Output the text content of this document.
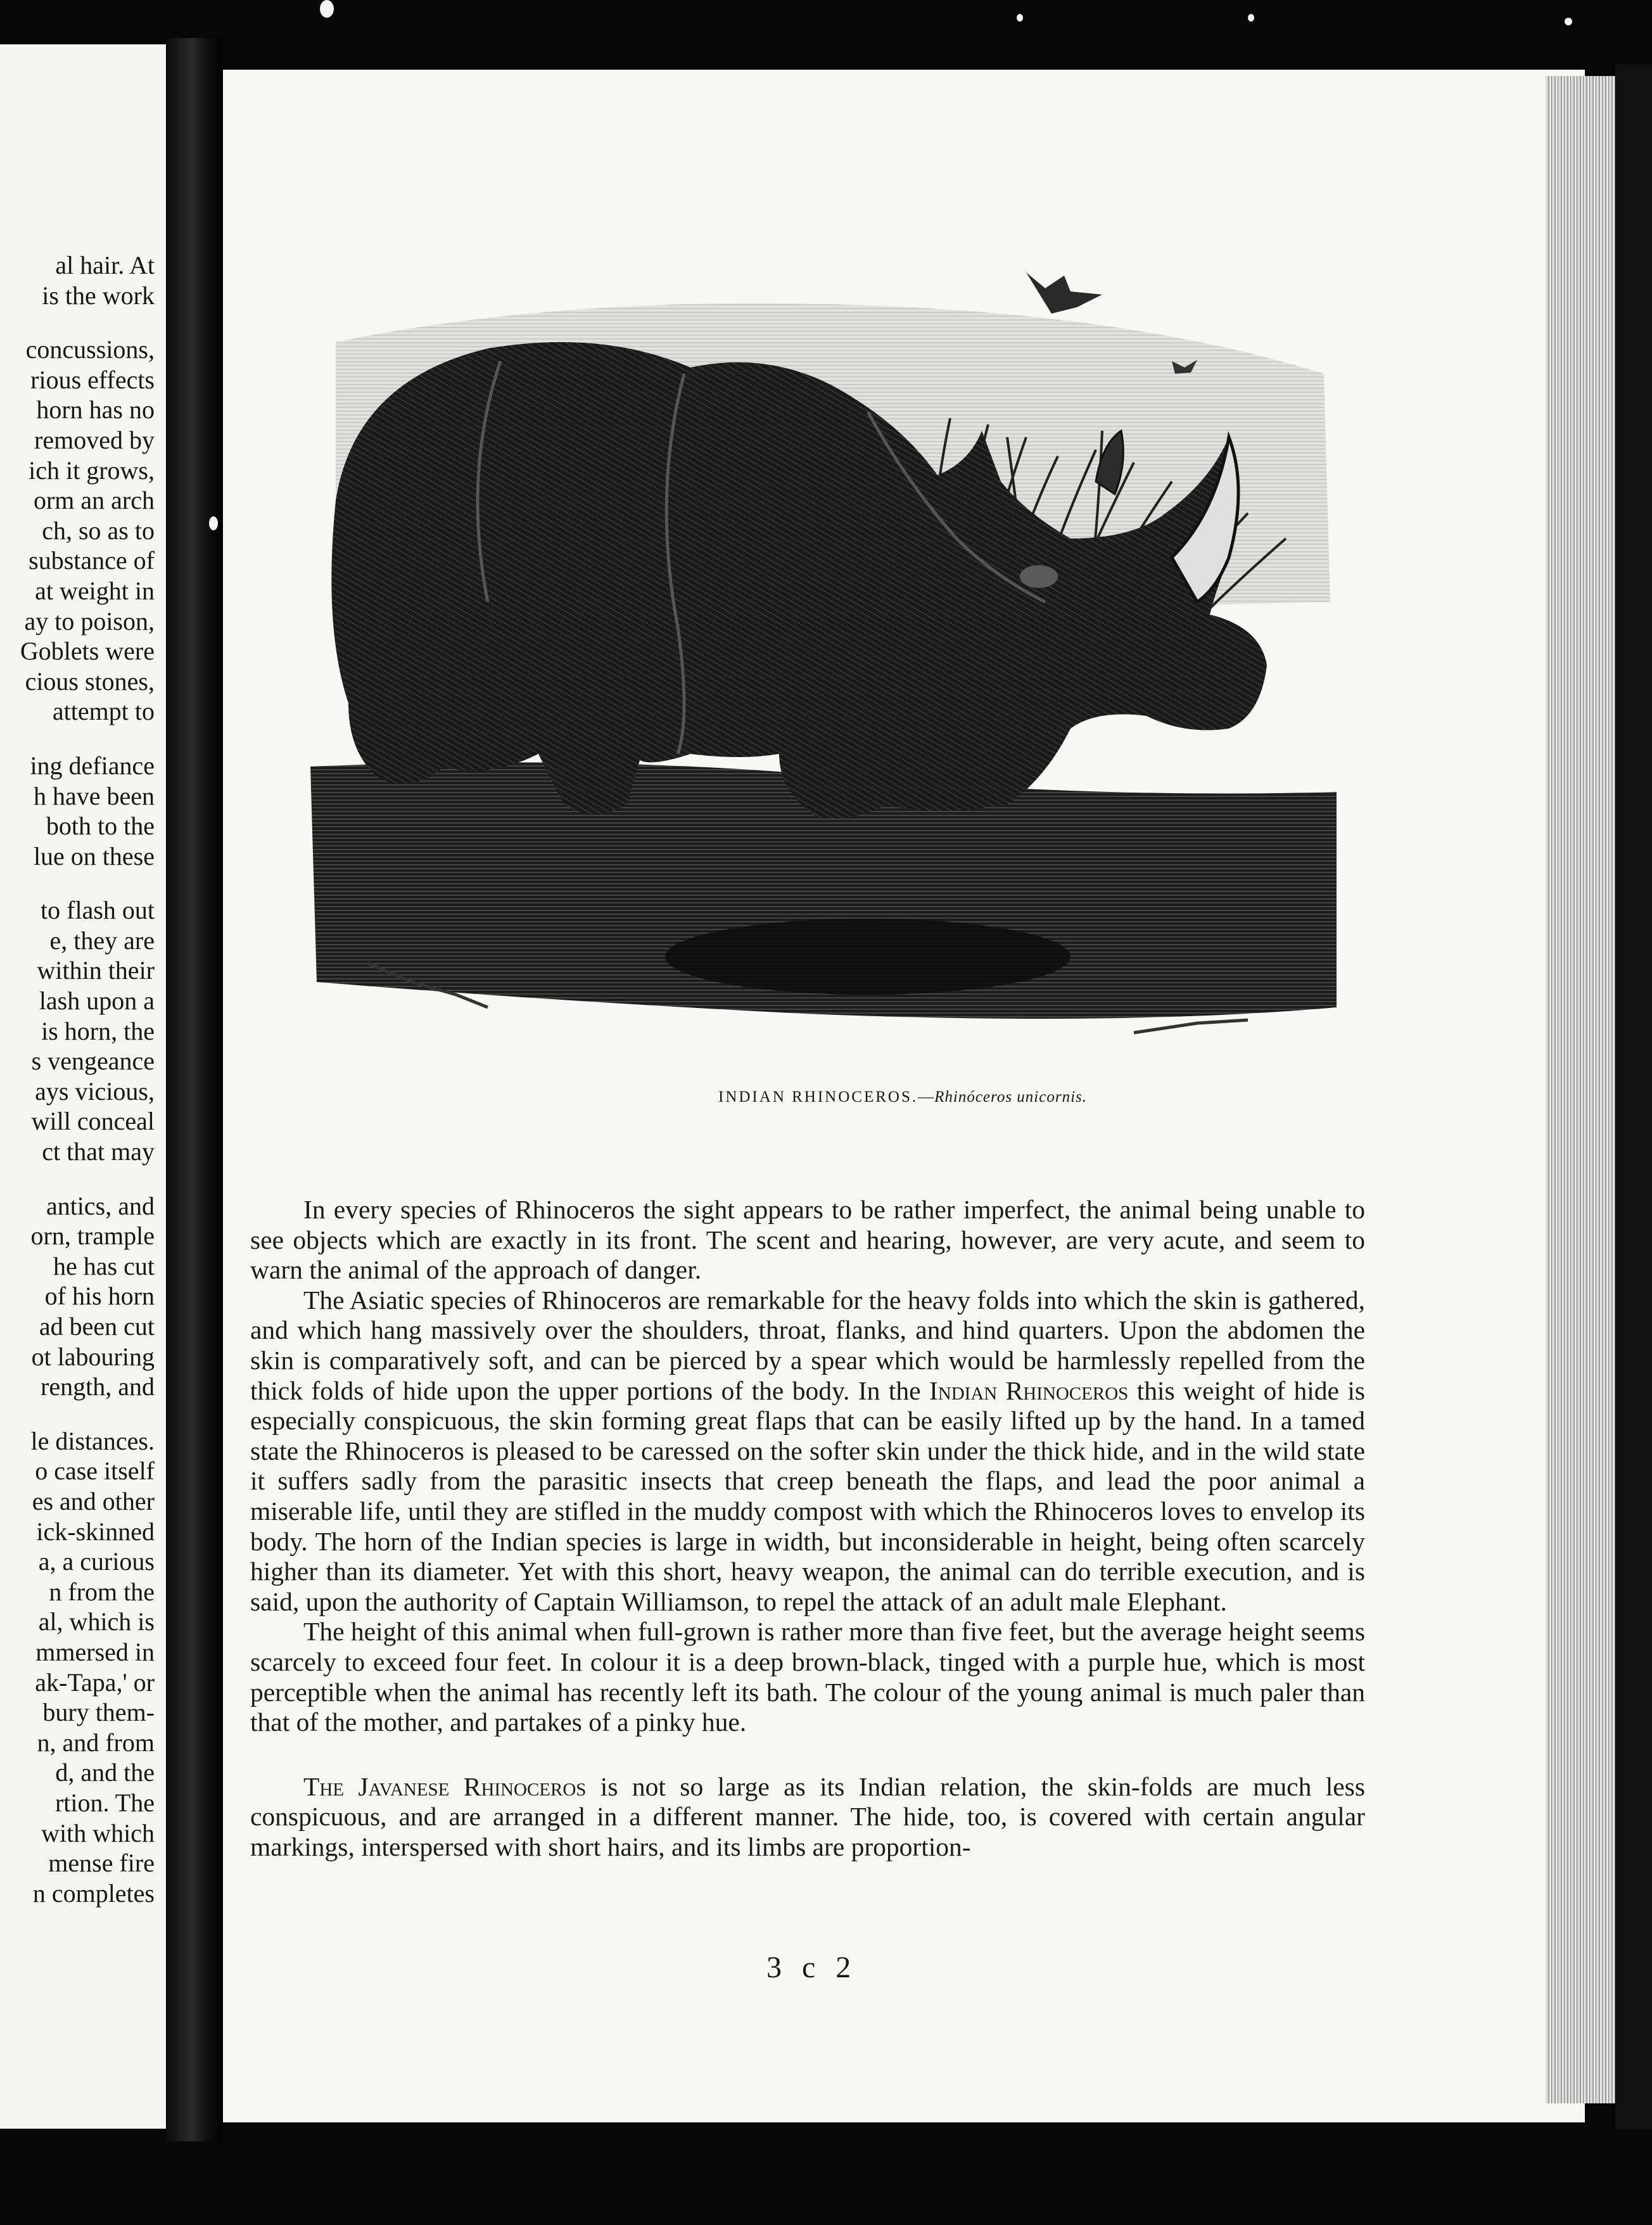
al hair. At
is the work
concussions,
rious effects
horn has no
removed by
ich it grows,
orm an arch
ch, so as to
substance of
at weight in
ay to poison,
Goblets were
cious stones,
attempt to
ing defiance
h have been
both to the
lue on these
to flash out
e, they are
within their
lash upon a
is horn, the
s vengeance
ays vicious,
will conceal
ct that may
antics, and
orn, trample
he has cut
of his horn
ad been cut
ot labouring
rength, and
le distances.
o case itself
es and other
ick-skinned
a, a curious
n from the
al, which is
mmersed in
ak-Tapa,' or
bury them-
n, and from
d, and the
rtion. The
with which
mense fire
n completes
INDIAN RHINOCEROS.—Rhinóceros unicornis.

In every species of Rhinoceros the sight appears to be rather imperfect, the animal being unable to see objects which are exactly in its front. The scent and hearing, however, are very acute, and seem to warn the animal of the approach of danger.

The Asiatic species of Rhinoceros are remarkable for the heavy folds into which the skin is gathered, and which hang massively over the shoulders, throat, flanks, and hind quarters. Upon the abdomen the skin is comparatively soft, and can be pierced by a spear which would be harmlessly repelled from the thick folds of hide upon the upper portions of the body. In the Indian Rhinoceros this weight of hide is especially conspicuous, the skin forming great flaps that can be easily lifted up by the hand. In a tamed state the Rhinoceros is pleased to be caressed on the softer skin under the thick hide, and in the wild state it suffers sadly from the parasitic insects that creep beneath the flaps, and lead the poor animal a miserable life, until they are stifled in the muddy compost with which the Rhinoceros loves to envelop its body. The horn of the Indian species is large in width, but inconsiderable in height, being often scarcely higher than its diameter. Yet with this short, heavy weapon, the animal can do terrible execution, and is said, upon the authority of Captain Williamson, to repel the attack of an adult male Elephant.

The height of this animal when full-grown is rather more than five feet, but the average height seems scarcely to exceed four feet. In colour it is a deep brown-black, tinged with a purple hue, which is most perceptible when the animal has recently left its bath. The colour of the young animal is much paler than that of the mother, and partakes of a pinky hue.

The Javanese Rhinoceros is not so large as its Indian relation, the skin-folds are much less conspicuous, and are arranged in a different manner. The hide, too, is covered with certain angular markings, interspersed with short hairs, and its limbs are proportion-

3 c 2
